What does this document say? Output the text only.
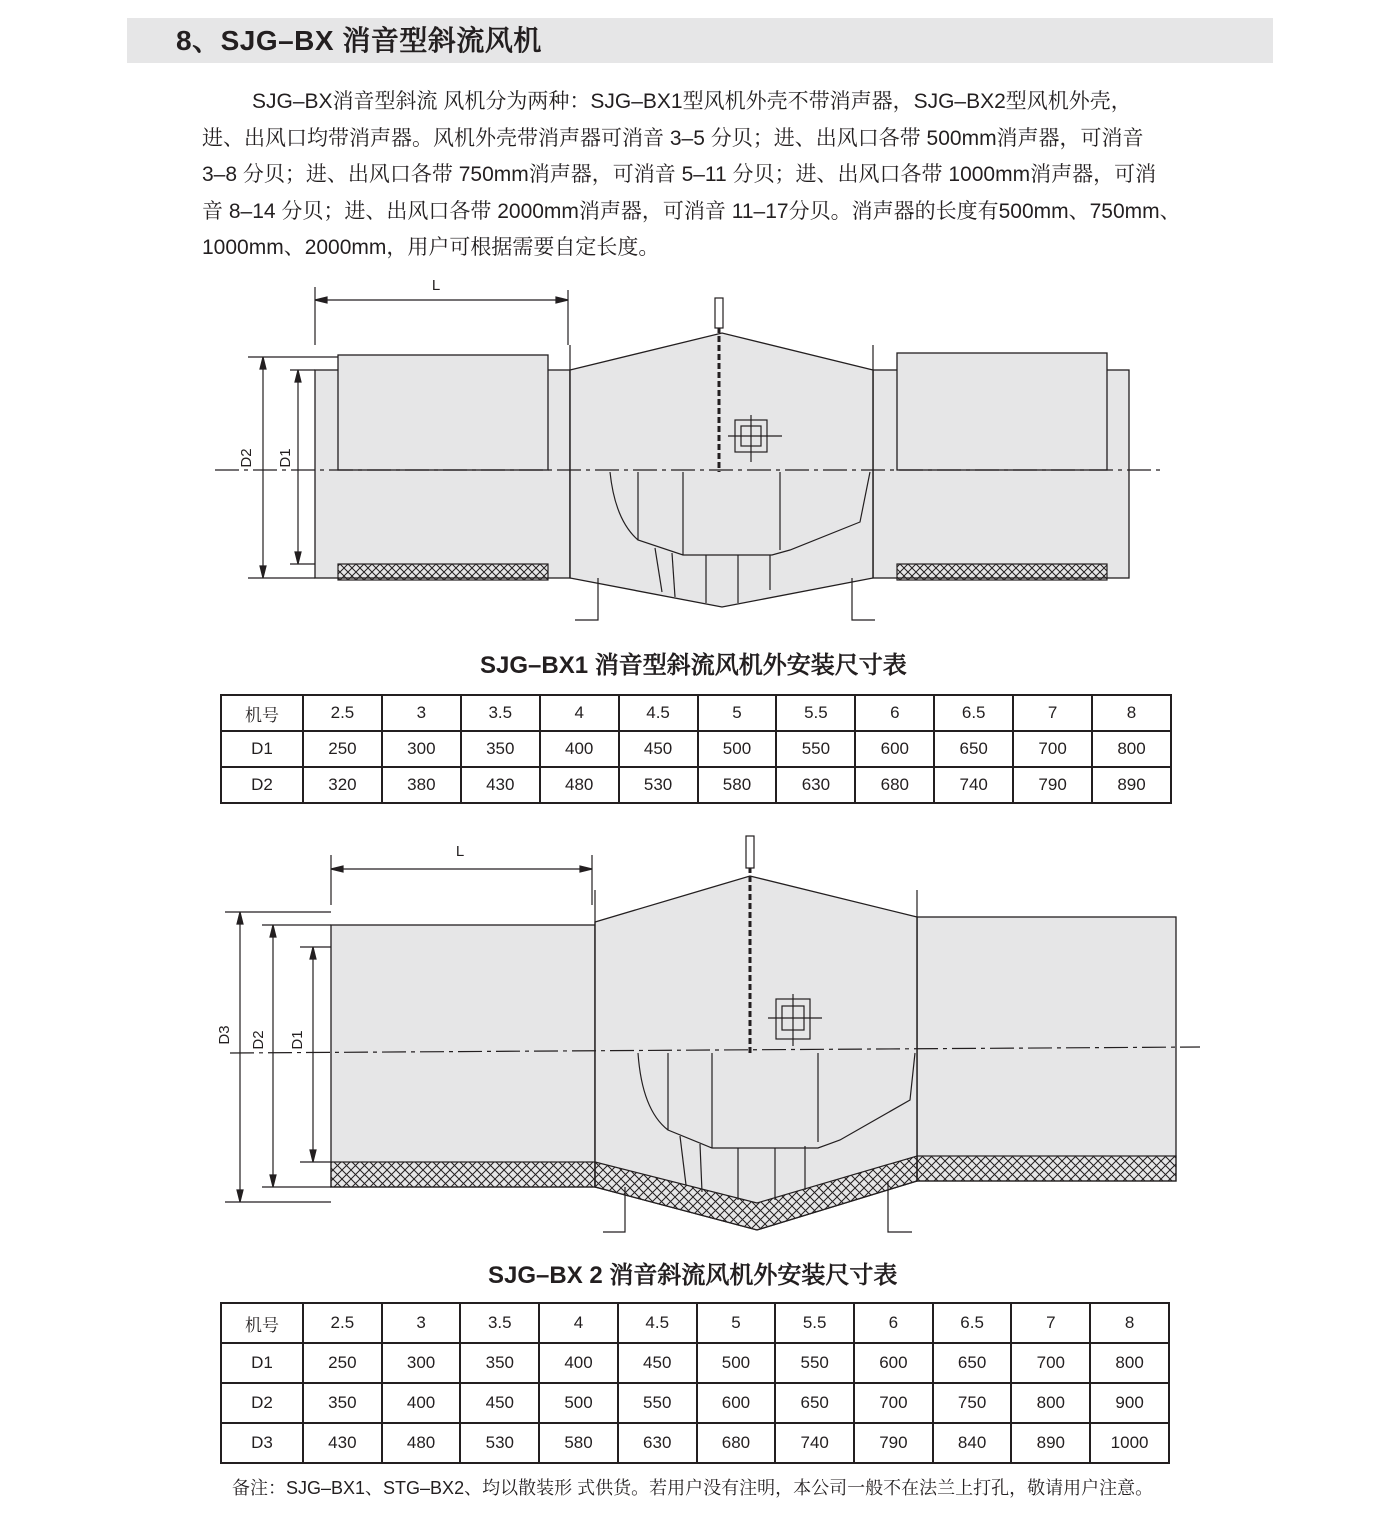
8、SJG–BX 消音型斜流风机

SJG–BX消音型斜流 风机分为两种：SJG–BX1型风机外壳不带消声器，SJG–BX2型风机外壳，
进、出风口均带消声器。风机外壳带消声器可消音 3–5 分贝；进、出风口各带 500mm消声器，可消音
3–8 分贝；进、出风口各带 750mm消声器，可消音 5–11 分贝；进、出风口各带 1000mm消声器，可消
音 8–14 分贝；进、出风口各带 2000mm消声器，可消音 11–17分贝。消声器的长度有500mm、750mm、
1000mm、2000mm，用户可根据需要自定长度。

L
D2 D1
SJG–BX1 消音型斜流风机外安装尺寸表
机号	2.5	3	3.5	4	4.5	5	5.5	6	6.5	7	8
D1	250	300	350	400	450	500	550	600	650	700	800
D2	320	380	430	480	530	580	630	680	740	790	890
L
D3 D2 D1
SJG–BX 2 消音斜流风机外安装尺寸表
机号	2.5	3	3.5	4	4.5	5	5.5	6	6.5	7	8
D1	250	300	350	400	450	500	550	600	650	700	800
D2	350	400	450	500	550	600	650	700	750	800	900
D3	430	480	530	580	630	680	740	790	840	890	1000
备注：SJG–BX1、STG–BX2、均以散装形 式供货。若用户没有注明，本公司一般不在法兰上打孔，敬请用户注意。
